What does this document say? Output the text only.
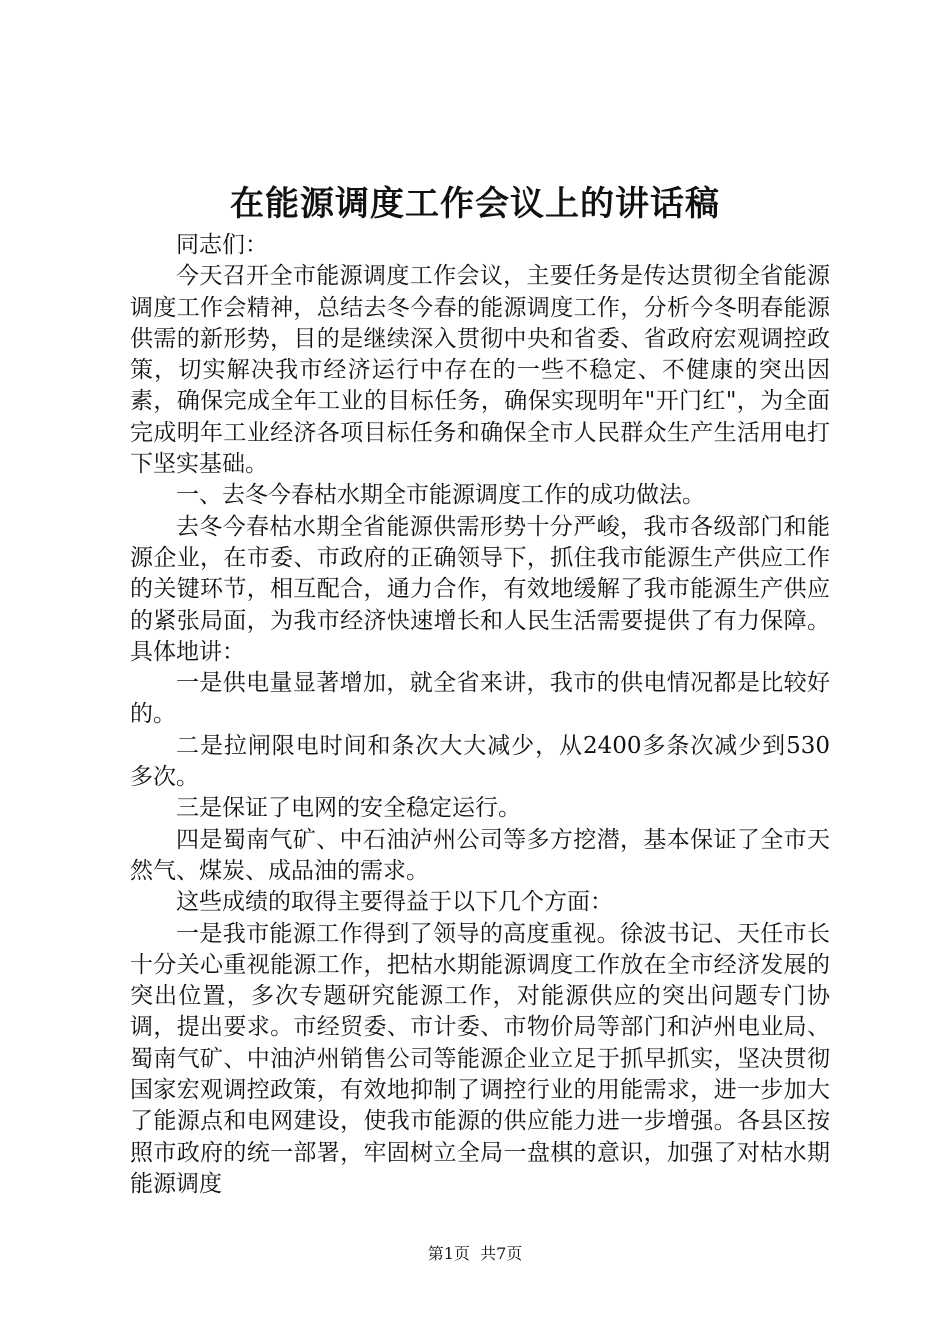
在能源调度工作会议上的讲话稿

同志们：

今天召开全市能源调度工作会议，主要任务是传达贯彻全省能源调度工作会精神，总结去冬今春的能源调度工作，分析今冬明春能源供需的新形势，目的是继续深入贯彻中央和省委、省政府宏观调控政策，切实解决我市经济运行中存在的一些不稳定、不健康的突出因素，确保完成全年工业的目标任务，确保实现明年"开门红"，为全面完成明年工业经济各项目标任务和确保全市人民群众生产生活用电打下坚实基础。

一、去冬今春枯水期全市能源调度工作的成功做法。

去冬今春枯水期全省能源供需形势十分严峻，我市各级部门和能源企业，在市委、市政府的正确领导下，抓住我市能源生产供应工作的关键环节，相互配合，通力合作，有效地缓解了我市能源生产供应的紧张局面，为我市经济快速增长和人民生活需要提供了有力保障。具体地讲：

一是供电量显著增加，就全省来讲，我市的供电情况都是比较好的。

二是拉闸限电时间和条次大大减少，从2400多条次减少到530多次。

三是保证了电网的安全稳定运行。

四是蜀南气矿、中石油泸州公司等多方挖潜，基本保证了全市天然气、煤炭、成品油的需求。

这些成绩的取得主要得益于以下几个方面：

一是我市能源工作得到了领导的高度重视。徐波书记、天任市长十分关心重视能源工作，把枯水期能源调度工作放在全市经济发展的突出位置，多次专题研究能源工作，对能源供应的突出问题专门协调，提出要求。市经贸委、市计委、市物价局等部门和泸州电业局、蜀南气矿、中油泸州销售公司等能源企业立足于抓早抓实，坚决贯彻国家宏观调控政策，有效地抑制了调控行业的用能需求，进一步加大了能源点和电网建设，使我市能源的供应能力进一步增强。各县区按照市政府的统一部署，牢固树立全局一盘棋的意识，加强了对枯水期能源调度

第1页 共7页
